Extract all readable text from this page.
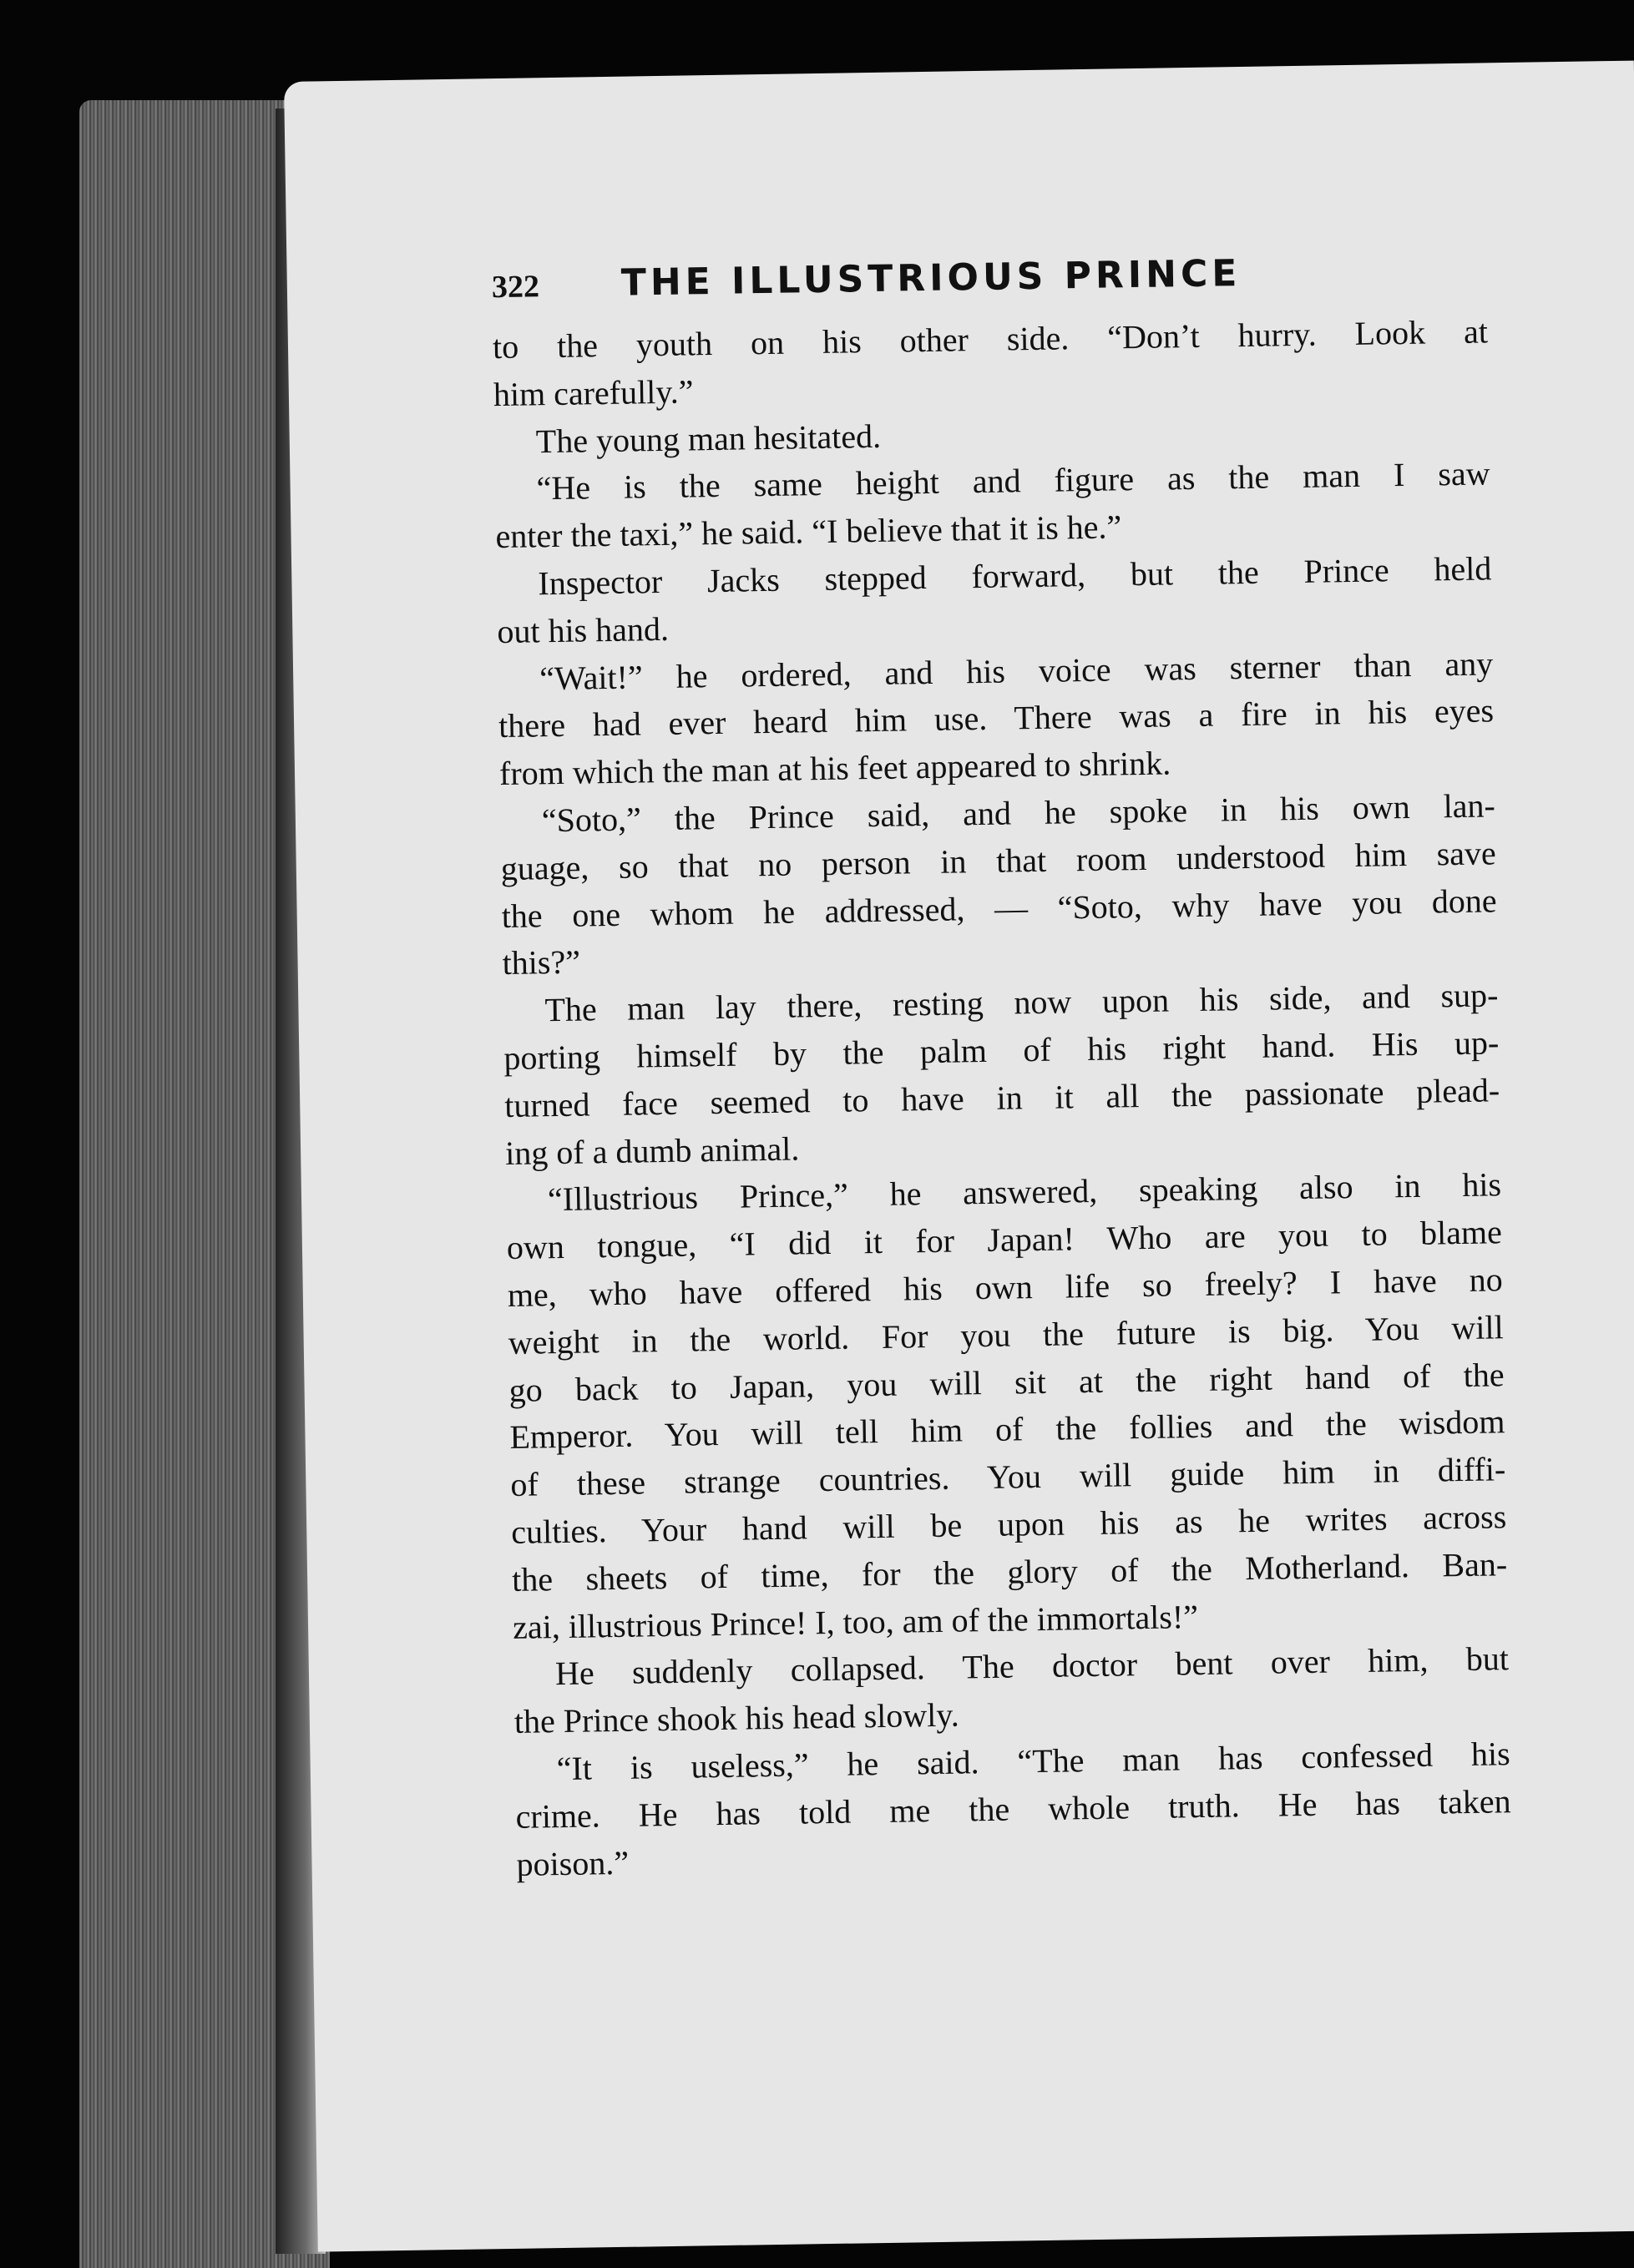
322	THE ILLUSTRIOUS PRINCE
to the youth on his other side. “Don’t hurry. Look at
him carefully.”
The young man hesitated.
“He is the same height and figure as the man I saw
enter the taxi,” he said. “I believe that it is he.”
Inspector Jacks stepped forward, but the Prince held
out his hand.
“Wait!” he ordered, and his voice was sterner than any
there had ever heard him use. There was a fire in his eyes
from which the man at his feet appeared to shrink.
“Soto,” the Prince said, and he spoke in his own lan-
guage, so that no person in that room understood him save
the one whom he addressed, — “Soto, why have you done
this?”
The man lay there, resting now upon his side, and sup-
porting himself by the palm of his right hand. His up-
turned face seemed to have in it all the passionate plead-
ing of a dumb animal.
“Illustrious Prince,” he answered, speaking also in his
own tongue, “I did it for Japan! Who are you to blame
me, who have offered his own life so freely? I have no
weight in the world. For you the future is big. You will
go back to Japan, you will sit at the right hand of the
Emperor. You will tell him of the follies and the wisdom
of these strange countries. You will guide him in diffi-
culties. Your hand will be upon his as he writes across
the sheets of time, for the glory of the Motherland. Ban-
zai, illustrious Prince! I, too, am of the immortals!”
He suddenly collapsed. The doctor bent over him, but
the Prince shook his head slowly.
“It is useless,” he said. “The man has confessed his
crime. He has told me the whole truth. He has taken
poison.”
